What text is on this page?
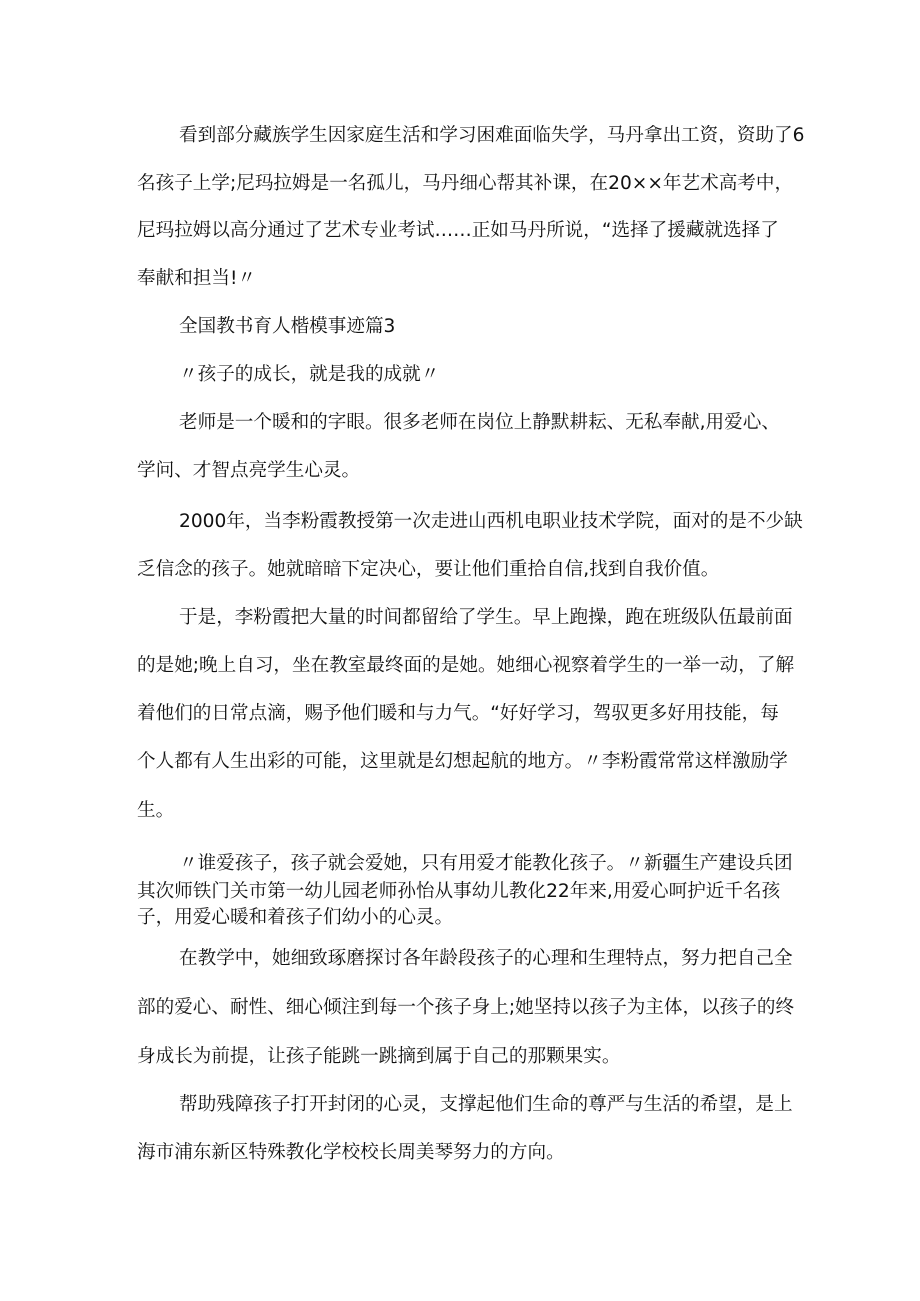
看到部分藏族学生因家庭生活和学习困难面临失学，马丹拿出工资，资助了6
名孩子上学;尼玛拉姆是一名孤儿，马丹细心帮其补课，在20××年艺术高考中，
尼玛拉姆以高分通过了艺术专业考试……正如马丹所说，“选择了援藏就选择了
奉献和担当!〃
全国教书育人楷模事迹篇3
〃孩子的成长，就是我的成就〃
老师是一个暖和的字眼。很多老师在岗位上静默耕耘、无私奉献,用爱心、
学问、才智点亮学生心灵。
2000年，当李粉霞教授第一次走进山西机电职业技术学院，面对的是不少缺
乏信念的孩子。她就暗暗下定决心，要让他们重拾自信,找到自我价值。
于是，李粉霞把大量的时间都留给了学生。早上跑操，跑在班级队伍最前面
的是她;晚上自习，坐在教室最终面的是她。她细心视察着学生的一举一动，了解
着他们的日常点滴，赐予他们暖和与力气。“好好学习，驾驭更多好用技能，每
个人都有人生出彩的可能，这里就是幻想起航的地方。〃李粉霞常常这样激励学
生。
〃谁爱孩子，孩子就会爱她，只有用爱才能教化孩子。〃新疆生产建设兵团
其次师铁门关市第一幼儿园老师孙怡从事幼儿教化22年来,用爱心呵护近千名孩
子，用爱心暖和着孩子们幼小的心灵。
在教学中，她细致琢磨探讨各年龄段孩子的心理和生理特点，努力把自己全
部的爱心、耐性、细心倾注到每一个孩子身上;她坚持以孩子为主体，以孩子的终
身成长为前提，让孩子能跳一跳摘到属于自己的那颗果实。
帮助残障孩子打开封闭的心灵，支撑起他们生命的尊严与生活的希望，是上
海市浦东新区特殊教化学校校长周美琴努力的方向。
